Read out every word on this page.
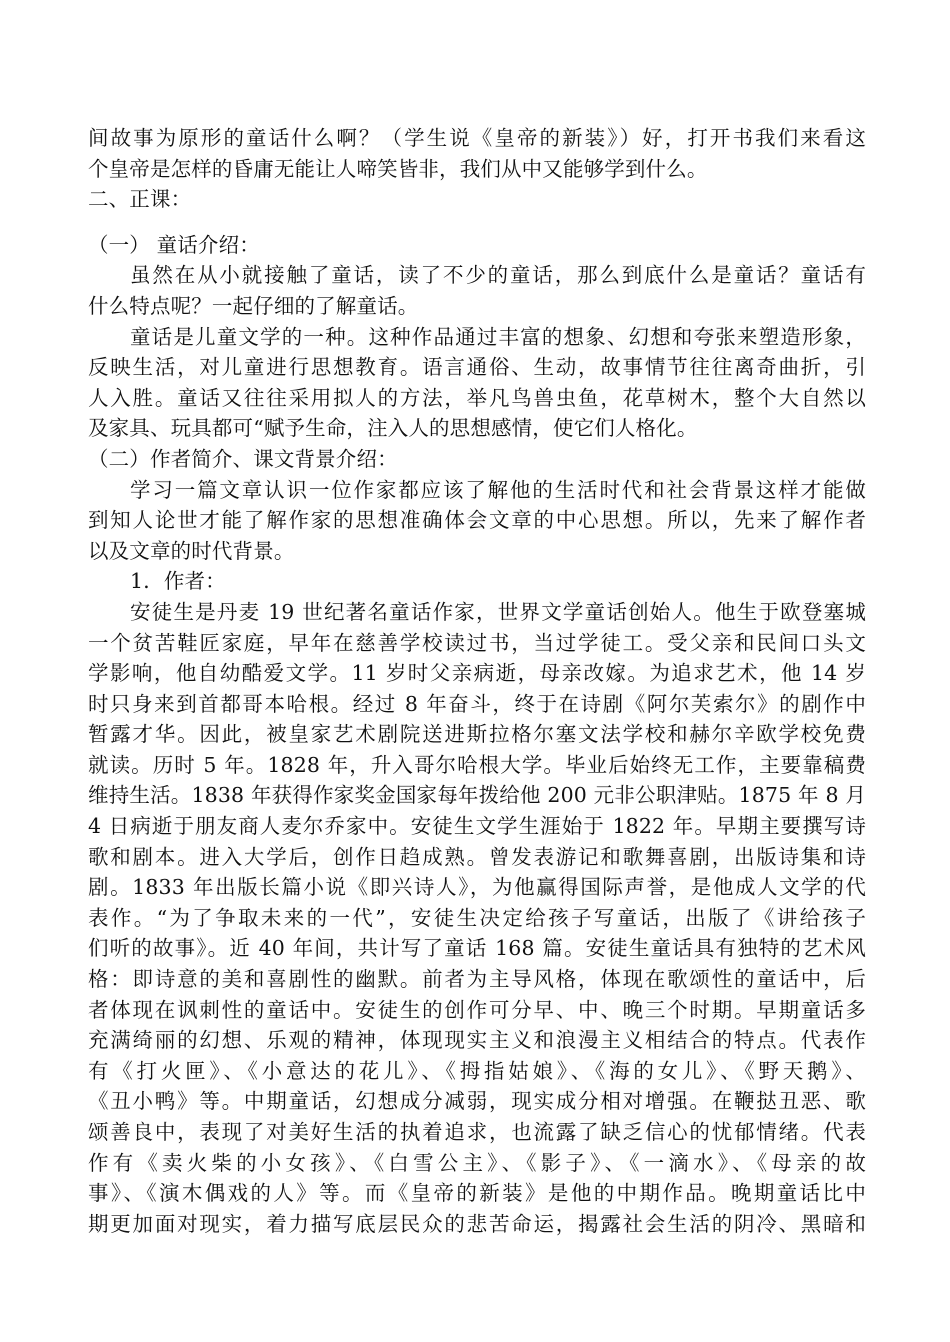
间故事为原形的童话什么啊？（学生说《皇帝的新装》）好，打开书我们来看这
个皇帝是怎样的昏庸无能让人啼笑皆非，我们从中又能够学到什么。
二、正课：
（一） 童话介绍：
虽然在从小就接触了童话，读了不少的童话，那么到底什么是童话？童话有
什么特点呢？一起仔细的了解童话。
童话是儿童文学的一种。这种作品通过丰富的想象、幻想和夸张来塑造形象，
反映生活，对儿童进行思想教育。语言通俗、生动，故事情节往往离奇曲折，引
人入胜。童话又往往采用拟人的方法，举凡鸟兽虫鱼，花草树木，整个大自然以
及家具、玩具都可“赋予生命，注入人的思想感情，使它们人格化。
（二）作者简介、课文背景介绍：
学习一篇文章认识一位作家都应该了解他的生活时代和社会背景这样才能做
到知人论世才能了解作家的思想准确体会文章的中心思想。所以，先来了解作者
以及文章的时代背景。
1．作者：
安徒生是丹麦 19 世纪著名童话作家，世界文学童话创始人。他生于欧登塞城
一个贫苦鞋匠家庭，早年在慈善学校读过书，当过学徒工。受父亲和民间口头文
学影响，他自幼酷爱文学。11 岁时父亲病逝，母亲改嫁。为追求艺术，他 14 岁
时只身来到首都哥本哈根。经过 8 年奋斗，终于在诗剧《阿尔芙索尔》的剧作中
暂露才华。因此，被皇家艺术剧院送进斯拉格尔塞文法学校和赫尔辛欧学校免费
就读。历时 5 年。1828 年，升入哥尔哈根大学。毕业后始终无工作，主要靠稿费
维持生活。1838 年获得作家奖金国家每年拨给他 200 元非公职津贴。1875 年 8 月
4 日病逝于朋友商人麦尔乔家中。安徒生文学生涯始于 1822 年。早期主要撰写诗
歌和剧本。进入大学后，创作日趋成熟。曾发表游记和歌舞喜剧，出版诗集和诗
剧。1833 年出版长篇小说《即兴诗人》，为他赢得国际声誉，是他成人文学的代
表作。“为了争取未来的一代”，安徒生决定给孩子写童话，出版了《讲给孩子
们听的故事》。近 40 年间，共计写了童话 168 篇。安徒生童话具有独特的艺术风
格：即诗意的美和喜剧性的幽默。前者为主导风格，体现在歌颂性的童话中，后
者体现在讽刺性的童话中。安徒生的创作可分早、中、晚三个时期。早期童话多
充满绮丽的幻想、乐观的精神，体现现实主义和浪漫主义相结合的特点。代表作
有《打火匣》、《小意达的花儿》、《拇指姑娘》、《海的女儿》、《野天鹅》、
《丑小鸭》等。中期童话，幻想成分减弱，现实成分相对增强。在鞭挞丑恶、歌
颂善良中，表现了对美好生活的执着追求，也流露了缺乏信心的忧郁情绪。代表
作有《卖火柴的小女孩》、《白雪公主》、《影子》、《一滴水》、《母亲的故
事》、《演木偶戏的人》等。而《皇帝的新装》是他的中期作品。晚期童话比中
期更加面对现实，着力描写底层民众的悲苦命运，揭露社会生活的阴冷、黑暗和
